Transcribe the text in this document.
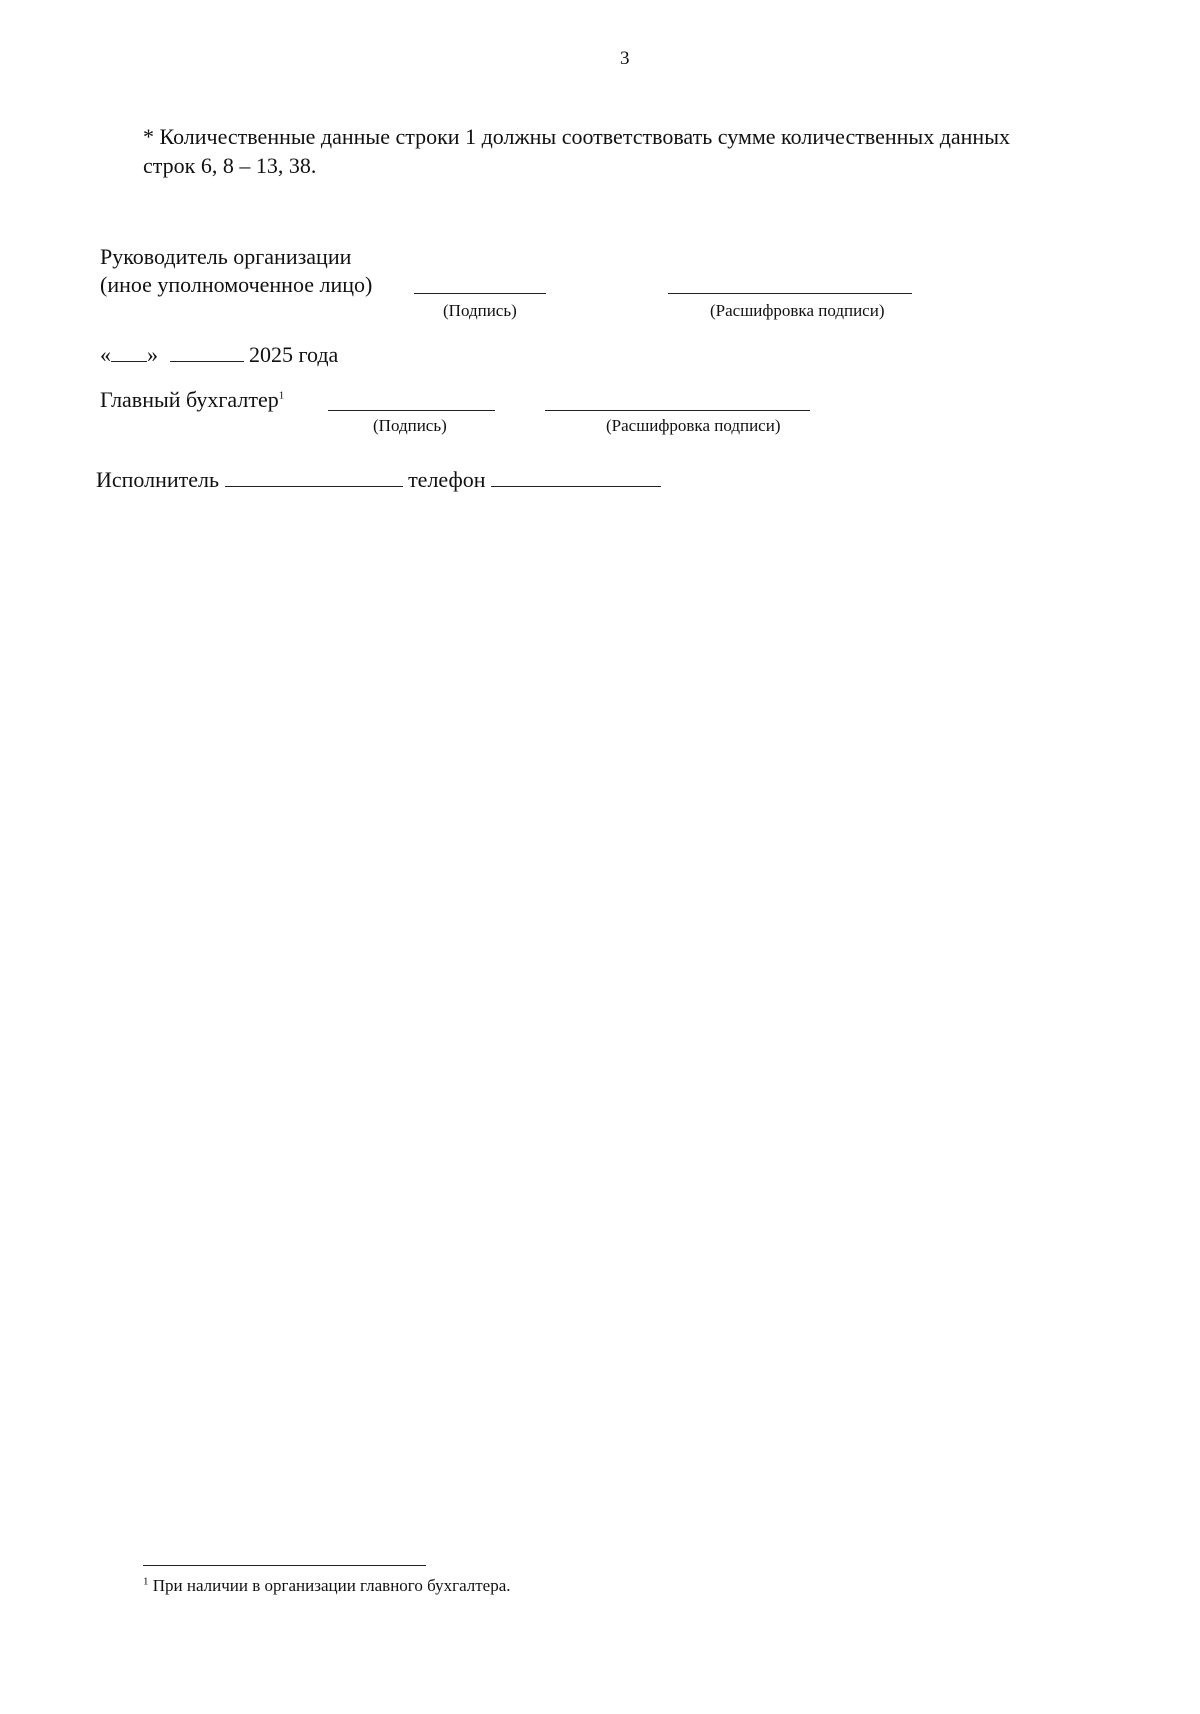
3
* Количественные данные строки 1 должны соответствовать сумме количественных данных
строк 6, 8 – 13, 38.
Руководитель организации
(иное уполномоченное лицо)
(Подпись)	(Расшифровка подписи)
« »	2025 года
Главный бухгалтер$^1$
(Подпись)	(Расшифровка подписи)
Исполнитель	телефон
$^1$ При наличии в организации главного бухгалтера.
